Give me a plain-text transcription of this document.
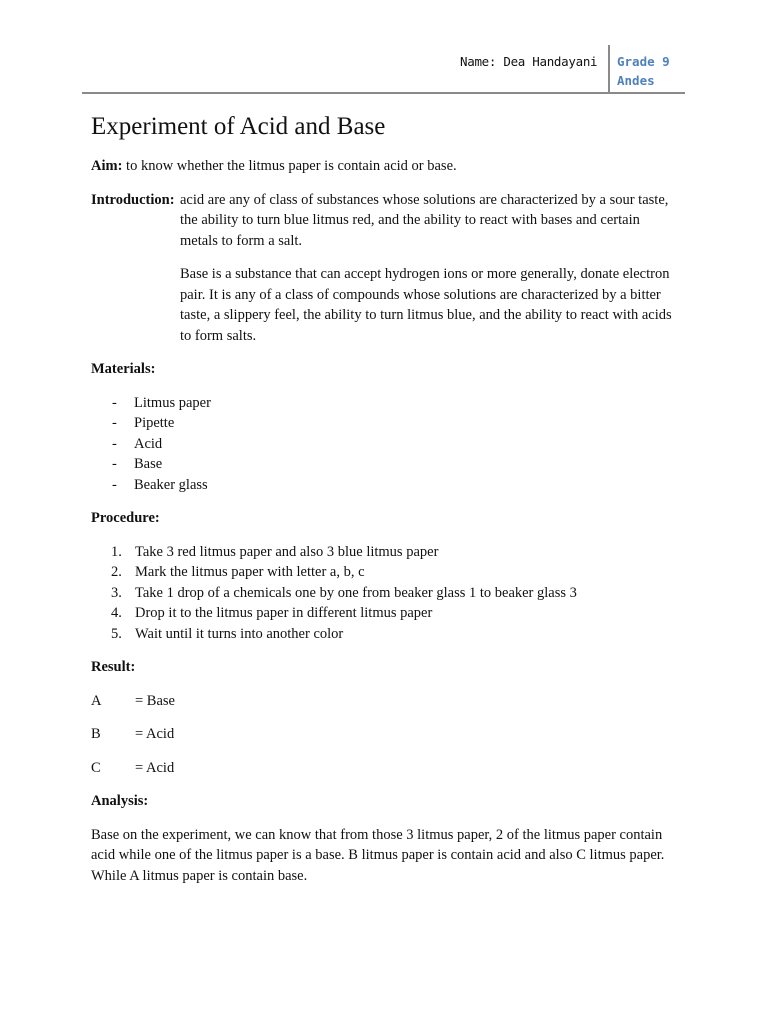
Name: Dea Handayani Grade 9
Andes
Experiment of Acid and Base

Aim: to know whether the litmus paper is contain acid or base.

Introduction: acid are any of class of substances whose solutions are characterized by a sour taste, the ability to turn blue litmus red, and the ability to react with bases and certain metals to form a salt.

Base is a substance that can accept hydrogen ions or more generally, donate electron pair. It is any of a class of compounds whose solutions are characterized by a bitter taste, a slippery feel, the ability to turn litmus blue, and the ability to react with acids to form salts.

Materials:

-	Litmus paper
-	Pipette
-	Acid
-	Base
-	Beaker glass

Procedure:

1. Take 3 red litmus paper and also 3 blue litmus paper
2. Mark the litmus paper with letter a, b, c
3. Take 1 drop of a chemicals one by one from beaker glass 1 to beaker glass 3
4. Drop it to the litmus paper in different litmus paper
5. Wait until it turns into another color

Result:

A	= Base
B	= Acid
C	= Acid

Analysis:

Base on the experiment, we can know that from those 3 litmus paper, 2 of the litmus paper contain acid while one of the litmus paper is a base. B litmus paper is contain acid and also C litmus paper. While A litmus paper is contain base.
